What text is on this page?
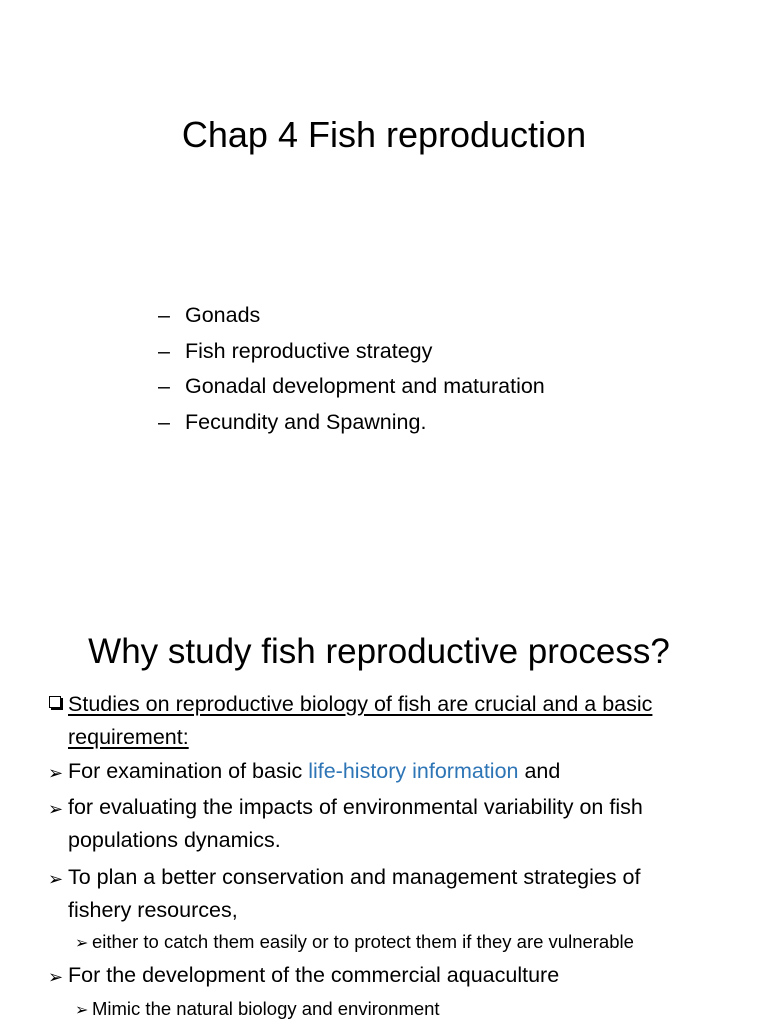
Chap 4 Fish reproduction
– Gonads
– Fish reproductive strategy
– Gonadal development and maturation
– Fecundity and Spawning.
Why study fish reproductive process?
Studies on reproductive biology of fish are crucial and a basic
requirement:
➢ For examination of basic life-history information and
➢ for evaluating the impacts of environmental variability on fish
populations dynamics.
➢ To plan a better conservation and management strategies of
fishery resources,
➢ either to catch them easily or to protect them if they are vulnerable
➢ For the development of the commercial aquaculture
➢ Mimic the natural biology and environment
